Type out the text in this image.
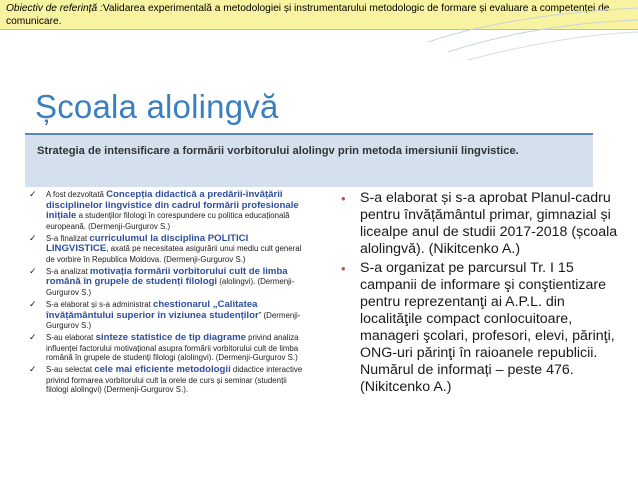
Obiectiv de referință :Validarea experimentală a metodologiei și instrumentarului metodologic de formare și evaluare a competenței de comunicare.
Școala alolingvă
Strategia de intensificare a formării vorbitorului alolingv prin metoda imersiunii lingvistice.
✓ A fost dezvoltată Concepția didactică a predării-învățării disciplinelor lingvistice din cadrul formării profesionale inițiale a studenților filologi în corespundere cu politica educațională europeană. (Dermenji-Gurgurov S.)
✓ S-a finalizat curriculumul la disciplina POLITICI LINGVISTICE, axată pe necesitatea asigurării unui mediu cult general de vorbire în Republica Moldova. (Dermenji-Gurgurov S.)
✓ S-a analizat motivația formării vorbitorului cult de limba română în grupele de studenți filologi (alolingvi). (Dermenji-Gurgurov S.)
✓ S-a elaborat și s-a administrat chestionarul „Calitatea învățământului superior în viziunea studenților” (Dermenji-Gurgurov S.)
✓ S-au elaborat sinteze statistice de tip diagrame privind analiza influenței factorului motivațional asupra formării vorbitorului cult de limba română în grupele de studenți filologi (alolingvi). (Dermenji-Gurgurov S.)
✓ S-au selectat cele mai eficiente metodologii didactice interactive privind formarea vorbitorului cult la orele de curs și seminar (studenții filologi alolingvi) (Dermenji-Gurgurov S.).
• S-a elaborat și s-a aprobat Planul-cadru pentru învățământul primar, gimnazial și licealpe anul de studii 2017-2018 (școala alolingvă). (Nikitcenko A.)
• S-a organizat pe parcursul Tr. I 15 campanii de informare şi conştientizare pentru reprezentanţi ai A.P.L. din localităţile compact conlocuitoare, manageri şcolari, profesori, elevi, părinţi, ONG-uri părinţi în raioanele republicii. Numărul de informați – peste 476. (Nikitcenko A.)
